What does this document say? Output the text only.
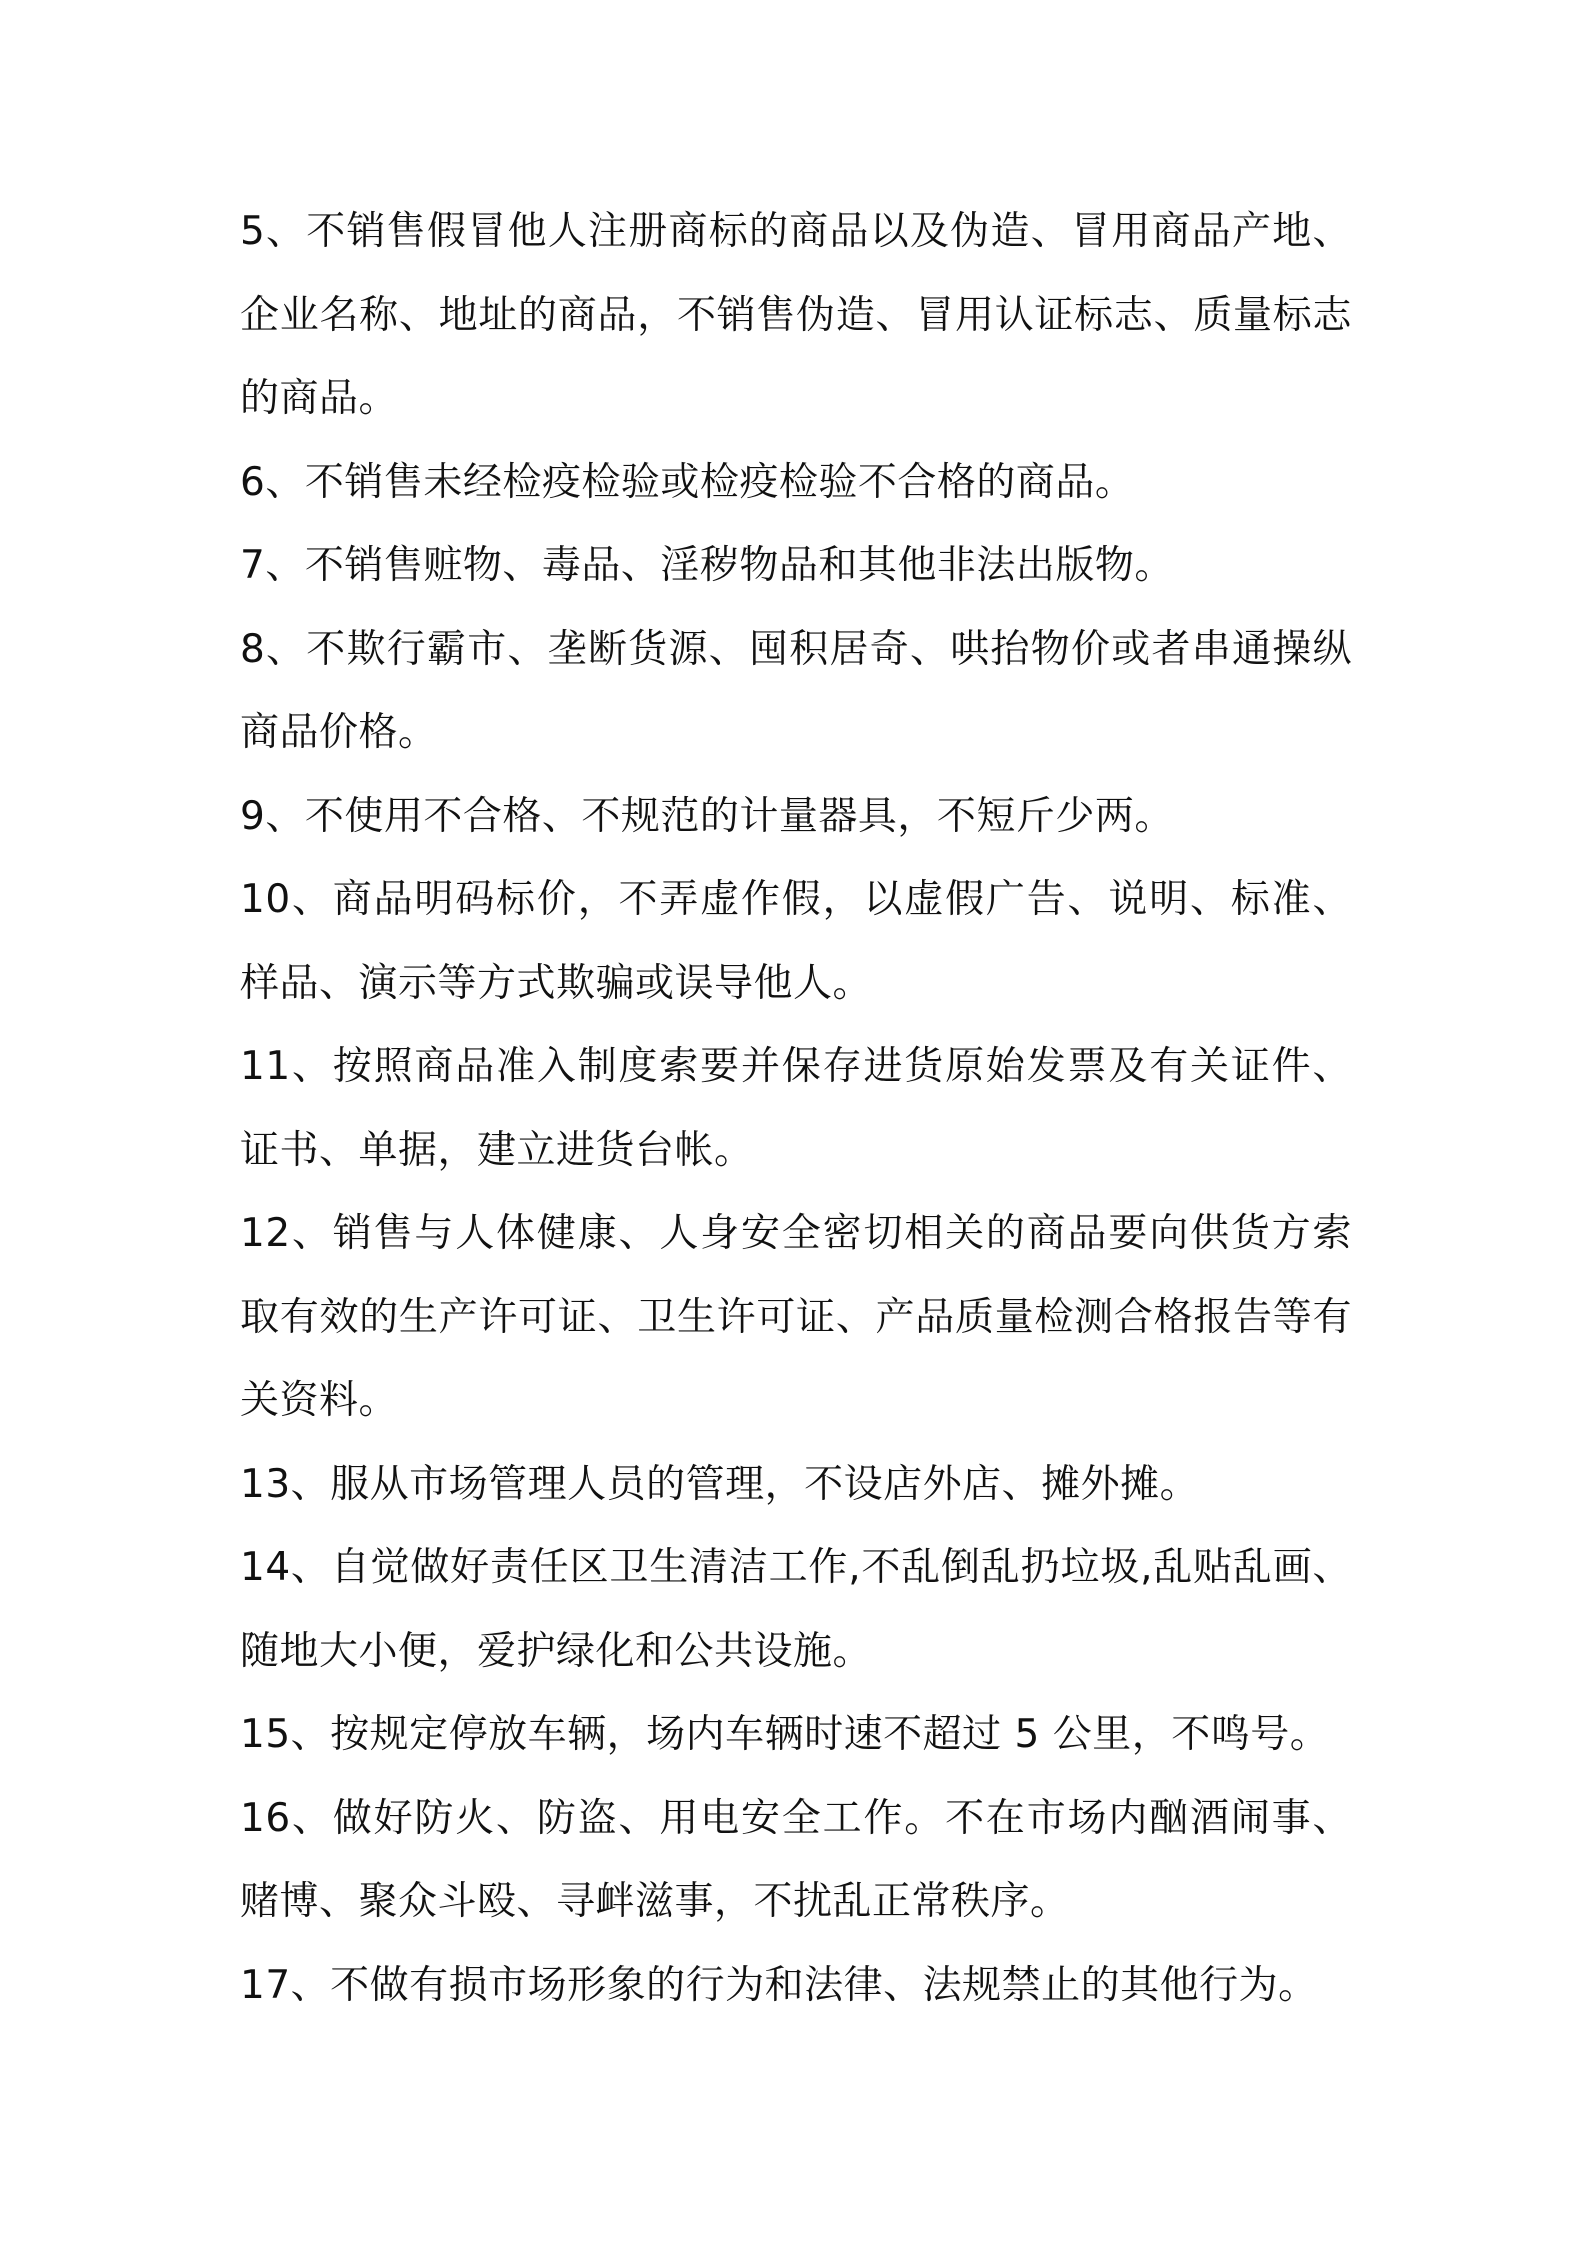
5、不销售假冒他人注册商标的商品以及伪造、冒用商品产地、企业名称、地址的商品，不销售伪造、冒用认证标志、质量标志的商品。

6、不销售未经检疫检验或检疫检验不合格的商品。

7、不销售赃物、毒品、淫秽物品和其他非法出版物。

8、不欺行霸市、垄断货源、囤积居奇、哄抬物价或者串通操纵商品价格。

9、不使用不合格、不规范的计量器具，不短斤少两。

10、商品明码标价，不弄虚作假，以虚假广告、说明、标准、样品、演示等方式欺骗或误导他人。

11、按照商品准入制度索要并保存进货原始发票及有关证件、证书、单据，建立进货台帐。

12、销售与人体健康、人身安全密切相关的商品要向供货方索取有效的生产许可证、卫生许可证、产品质量检测合格报告等有关资料。

13、服从市场管理人员的管理，不设店外店、摊外摊。

14、自觉做好责任区卫生清洁工作,不乱倒乱扔垃圾,乱贴乱画、随地大小便，爱护绿化和公共设施。

15、按规定停放车辆，场内车辆时速不超过 5 公里，不鸣号。

16、做好防火、防盗、用电安全工作。不在市场内酗酒闹事、赌博、聚众斗殴、寻衅滋事，不扰乱正常秩序。

17、不做有损市场形象的行为和法律、法规禁止的其他行为。
